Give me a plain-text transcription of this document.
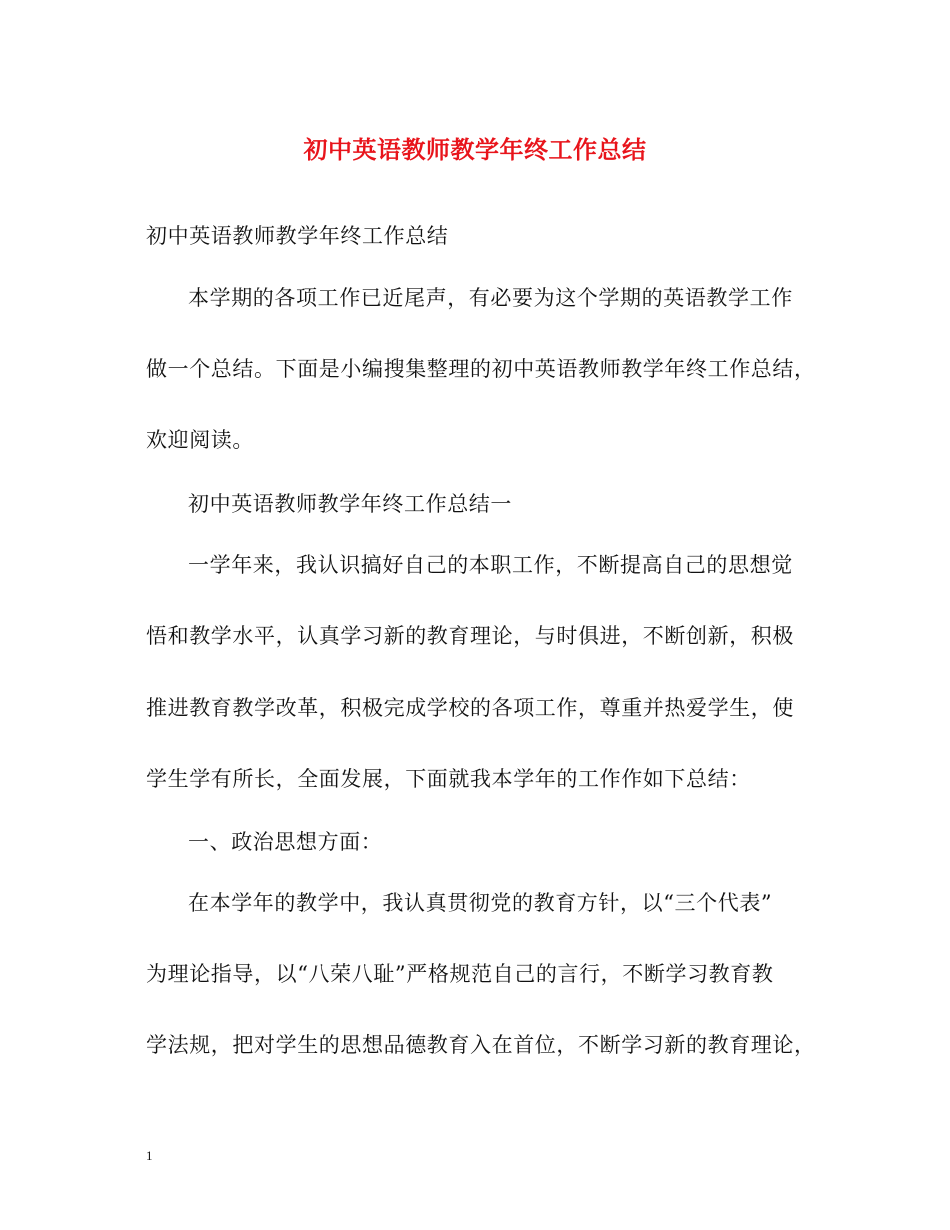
初中英语教师教学年终工作总结
初中英语教师教学年终工作总结
本学期的各项工作已近尾声，有必要为这个学期的英语教学工作
做一个总结。下面是小编搜集整理的初中英语教师教学年终工作总结，
欢迎阅读。
初中英语教师教学年终工作总结一
一学年来，我认识搞好自己的本职工作，不断提高自己的思想觉
悟和教学水平，认真学习新的教育理论，与时俱进，不断创新，积极
推进教育教学改革，积极完成学校的各项工作，尊重并热爱学生，使
学生学有所长，全面发展，下面就我本学年的工作作如下总结：
一、政治思想方面：
在本学年的教学中，我认真贯彻党的教育方针，以“三个代表”
为理论指导，以“八荣八耻”严格规范自己的言行，不断学习教育教
学法规，把对学生的思想品德教育入在首位，不断学习新的教育理论，
1
